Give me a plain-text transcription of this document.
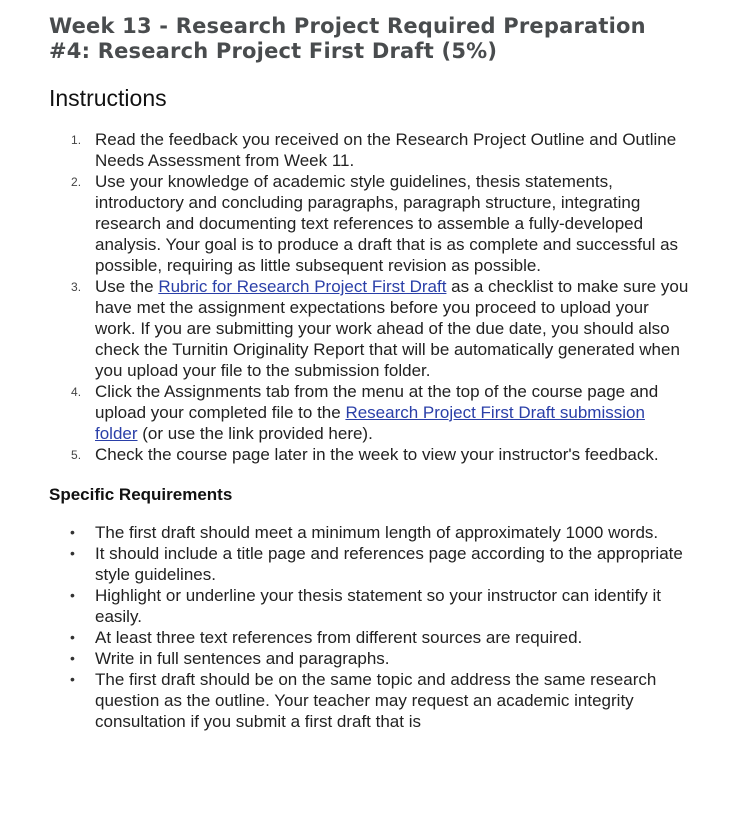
Week 13 - Research Project Required Preparation #4: Research Project First Draft (5%)
Instructions
Read the feedback you received on the Research Project Outline and Outline Needs Assessment from Week 11.
Use your knowledge of academic style guidelines, thesis statements, introductory and concluding paragraphs, paragraph structure, integrating research and documenting text references to assemble a fully-developed analysis. Your goal is to produce a draft that is as complete and successful as possible, requiring as little subsequent revision as possible.
Use the Rubric for Research Project First Draft as a checklist to make sure you have met the assignment expectations before you proceed to upload your work. If you are submitting your work ahead of the due date, you should also check the Turnitin Originality Report that will be automatically generated when you upload your file to the submission folder.
Click the Assignments tab from the menu at the top of the course page and upload your completed file to the Research Project First Draft submission folder (or use the link provided here).
Check the course page later in the week to view your instructor's feedback.
Specific Requirements
• The first draft should meet a minimum length of approximately 1000 words.
• It should include a title page and references page according to the appropriate style guidelines.
• Highlight or underline your thesis statement so your instructor can identify it easily.
• At least three text references from different sources are required.
• Write in full sentences and paragraphs.
• The first draft should be on the same topic and address the same research question as the outline. Your teacher may request an academic integrity consultation if you submit a first draft that is
